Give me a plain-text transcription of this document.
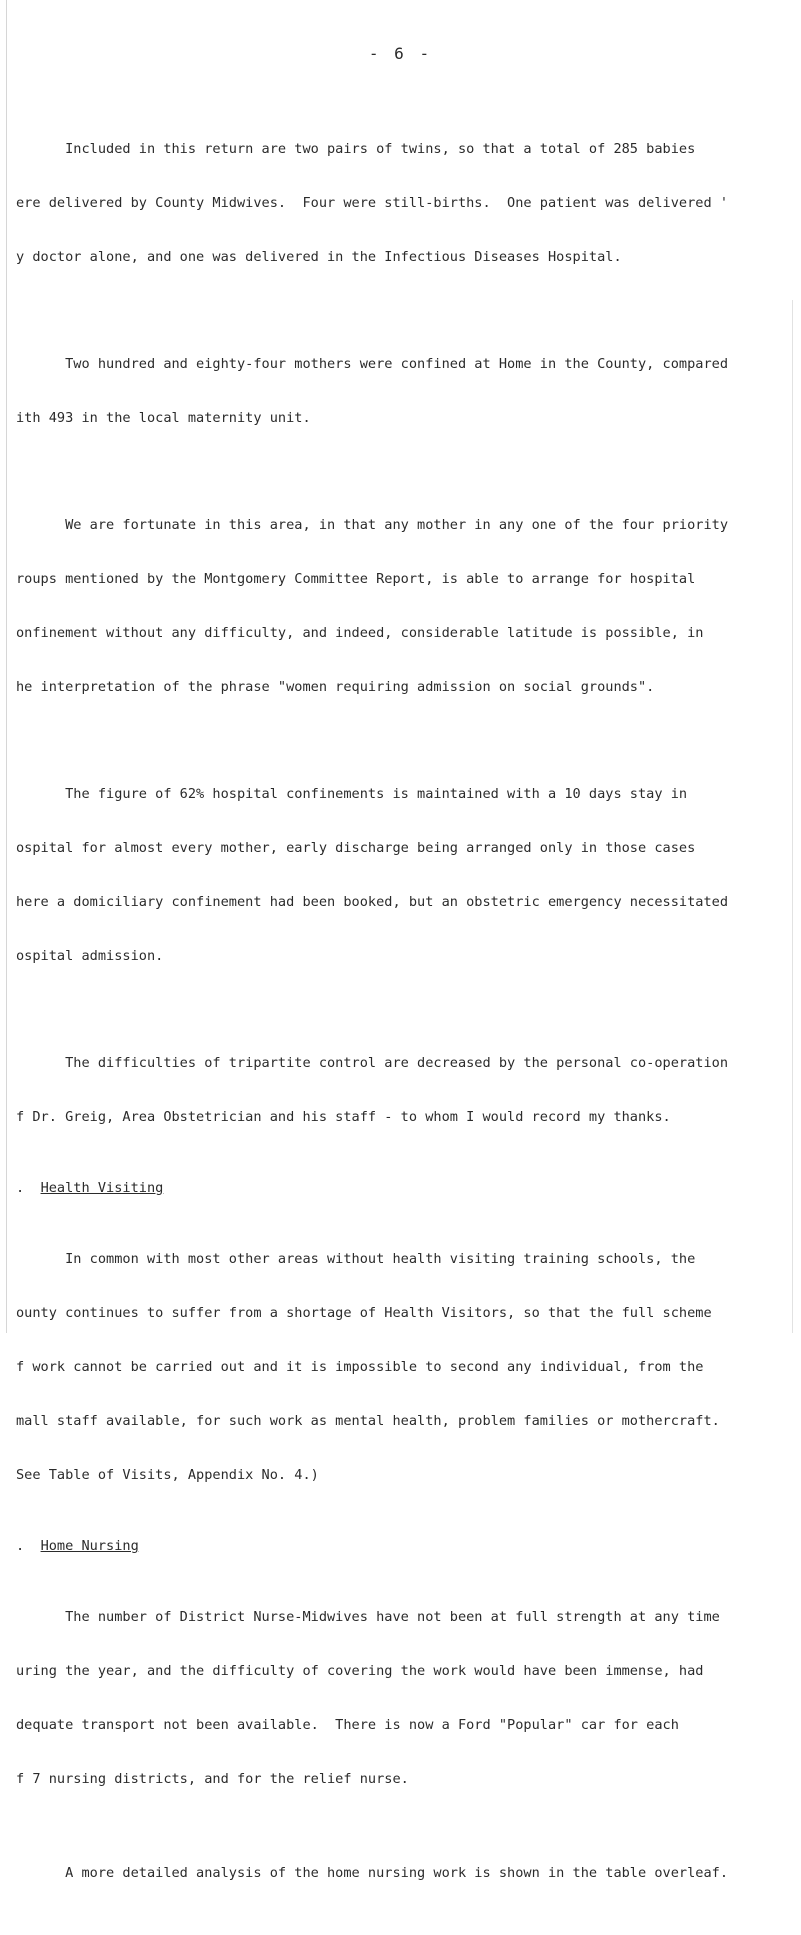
- 6 -

Included in this return are two pairs of twins, so that a total of 285 babies

ere delivered by County Midwives.  Four were still-births.  One patient was delivered '

y doctor alone, and one was delivered in the Infectious Diseases Hospital.

Two hundred and eighty-four mothers were confined at Home in the County, compared

ith 493 in the local maternity unit.

We are fortunate in this area, in that any mother in any one of the four priority

roups mentioned by the Montgomery Committee Report, is able to arrange for hospital

onfinement without any difficulty, and indeed, considerable latitude is possible, in

he interpretation of the phrase "women requiring admission on social grounds".

The figure of 62% hospital confinements is maintained with a 10 days stay in

ospital for almost every mother, early discharge being arranged only in those cases

here a domiciliary confinement had been booked, but an obstetric emergency necessitated

ospital admission.

The difficulties of tripartite control are decreased by the personal co-operation

f Dr. Greig, Area Obstetrician and his staff - to whom I would record my thanks.

.  Health Visiting

In common with most other areas without health visiting training schools, the

ounty continues to suffer from a shortage of Health Visitors, so that the full scheme

f work cannot be carried out and it is impossible to second any individual, from the

mall staff available, for such work as mental health, problem families or mothercraft.

See Table of Visits, Appendix No. 4.)

.  Home Nursing

The number of District Nurse-Midwives have not been at full strength at any time

uring the year, and the difficulty of covering the work would have been immense, had

dequate transport not been available.  There is now a Ford "Popular" car for each

f 7 nursing districts, and for the relief nurse.

A more detailed analysis of the home nursing work is shown in the table overleaf.
